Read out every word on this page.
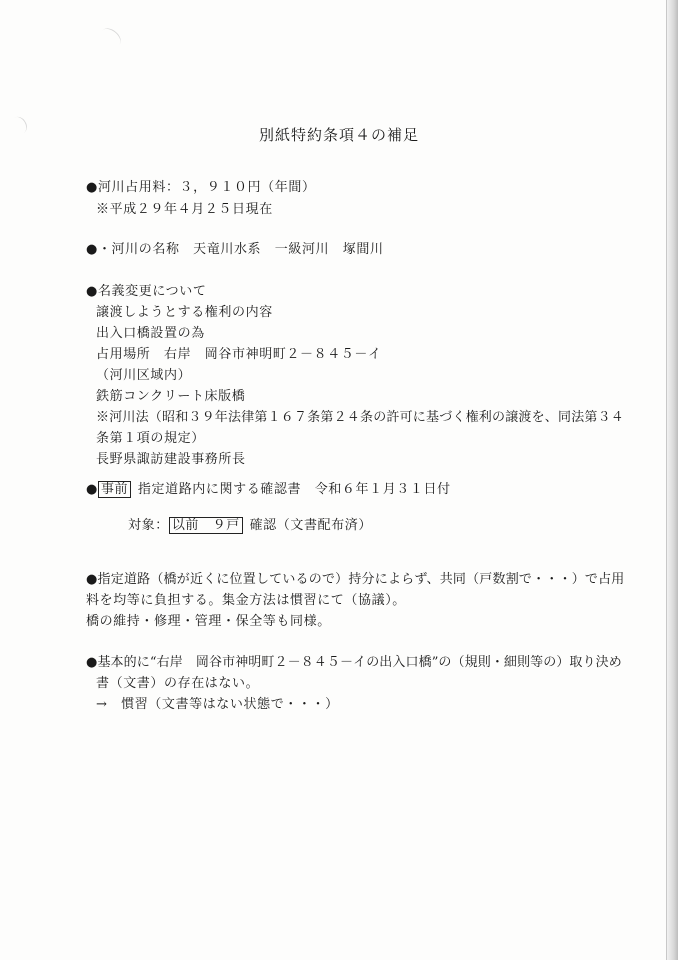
別紙特約条項４の補足
●河川占用料：３，９１０円（年間）
※平成２９年４月２５日現在
●・河川の名称　天竜川水系　一級河川　塚間川
●名義変更について
譲渡しようとする権利の内容
出入口橋設置の為
占用場所　右岸　岡谷市神明町２－８４５－イ
（河川区域内）
鉄筋コンクリート床版橋
※河川法（昭和３９年法律第１６７条第２４条の許可に基づく権利の譲渡を、同法第３４
条第１項の規定）
長野県諏訪建設事務所長
● 事前 指定道路内に関する確認書　令和６年１月３１日付
対象： 以前　９戸 確認（文書配布済）
●指定道路（橋が近くに位置しているので）持分によらず、共同（戸数割で・・・）で占用
料を均等に負担する。集金方法は慣習にて（協議）。
橋の維持・修理・管理・保全等も同様。
●基本的に“右岸　岡谷市神明町２－８４５－イの出入口橋”の（規則・細則等の）取り決め
書（文書）の存在はない。
→　慣習（文書等はない状態で・・・）
